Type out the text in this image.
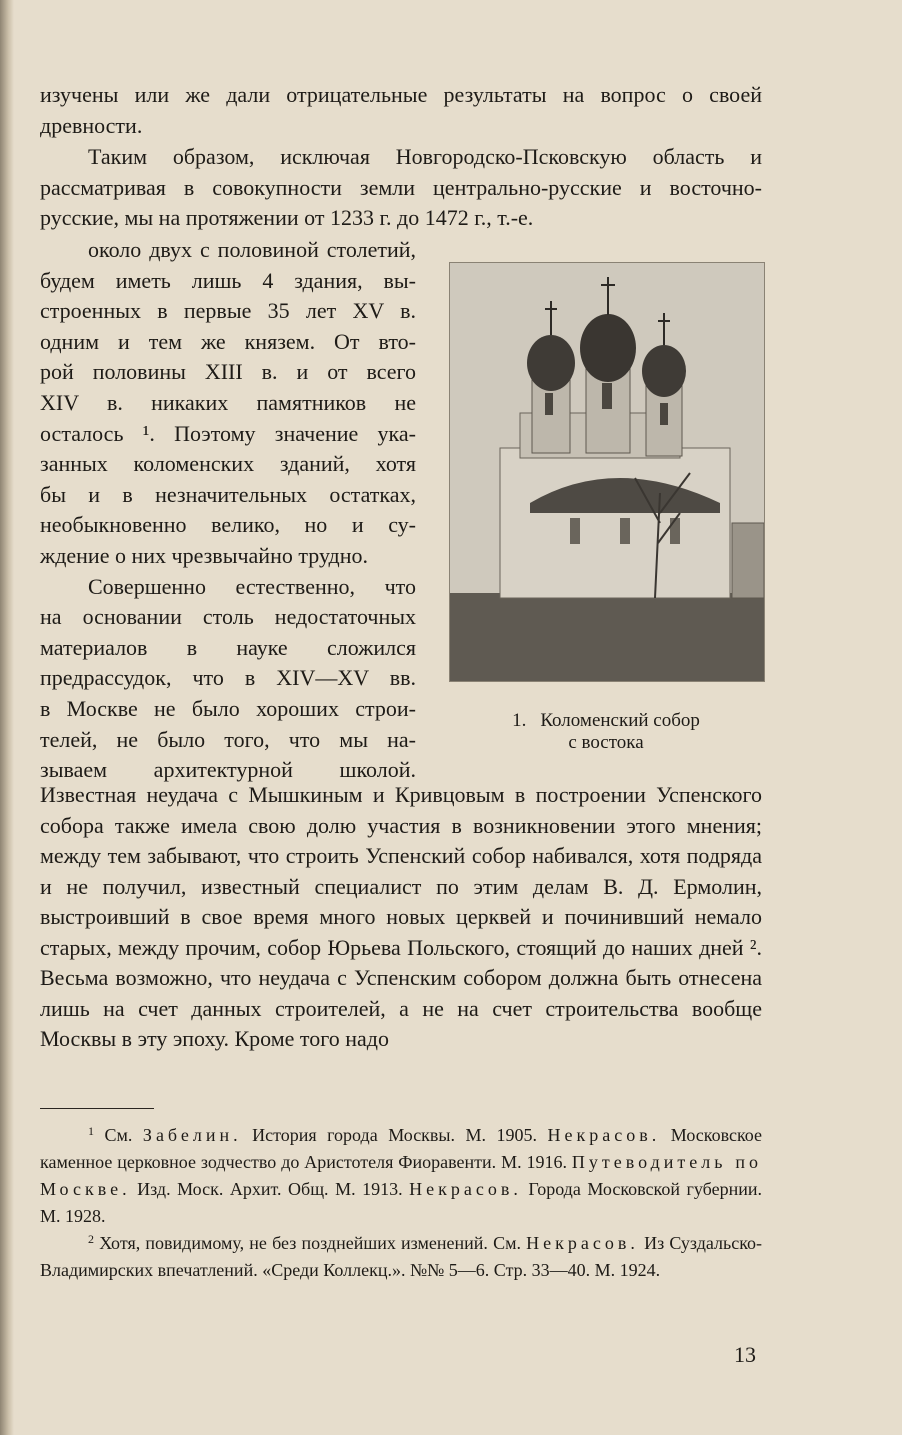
изучены или же дали отрицательные результаты на вопрос о своей древности.

Таким образом, исключая Новгородско-Псковскую область и рассматривая в совокупности земли центрально-русские и восточно-русские, мы на протяжении от 1233 г. до 1472 г., т.-е.

около двух с половиной столетий,
будем иметь лишь 4 здания, вы-
строенных в первые 35 лет XV в.
одним и тем же князем. От вто-
рой половины XIII в. и от всего
XIV в. никаких памятников не
осталось ¹. Поэтому значение ука-
занных коломенских зданий, хотя
бы и в незначительных остатках,
необыкновенно велико, но и су-
ждение о них чрезвычайно трудно.
Совершенно естественно, что
на основании столь недостаточных
материалов в науке сложился
предрассудок, что в XIV—XV вв.
в Москве не было хороших строи-
телей, не было того, что мы на-
зываем архитектурной школой.
1. Коломенский собор
с востока

Известная неудача с Мышкиным и Кривцовым в построении Успенского собора также имела свою долю участия в возникновении этого мнения; между тем забывают, что строить Успенский собор набивался, хотя подряда и не получил, известный специалист по этим делам В. Д. Ермолин, выстроивший в свое время много новых церквей и починивший немало старых, между прочим, собор Юрьева Польского, стоящий до наших дней ². Весьма возможно, что неудача с Успенским собором должна быть отнесена лишь на счет данных строителей, а не на счет строительства вообще Москвы в эту эпоху. Кроме того надо

$^1$ См. Забелин. История города Москвы. М. 1905. Некрасов. Московское каменное церковное зодчество до Аристотеля Фиоравенти. М. 1916. Путеводитель по Москве. Изд. Моск. Архит. Общ. М. 1913. Некрасов. Города Московской губернии. М. 1928.

$^2$ Хотя, повидимому, не без позднейших изменений. См. Некрасов. Из Суздальско-Владимирских впечатлений. «Среди Коллекц.». №№ 5—6. Стр. 33—40. М. 1924.

13
